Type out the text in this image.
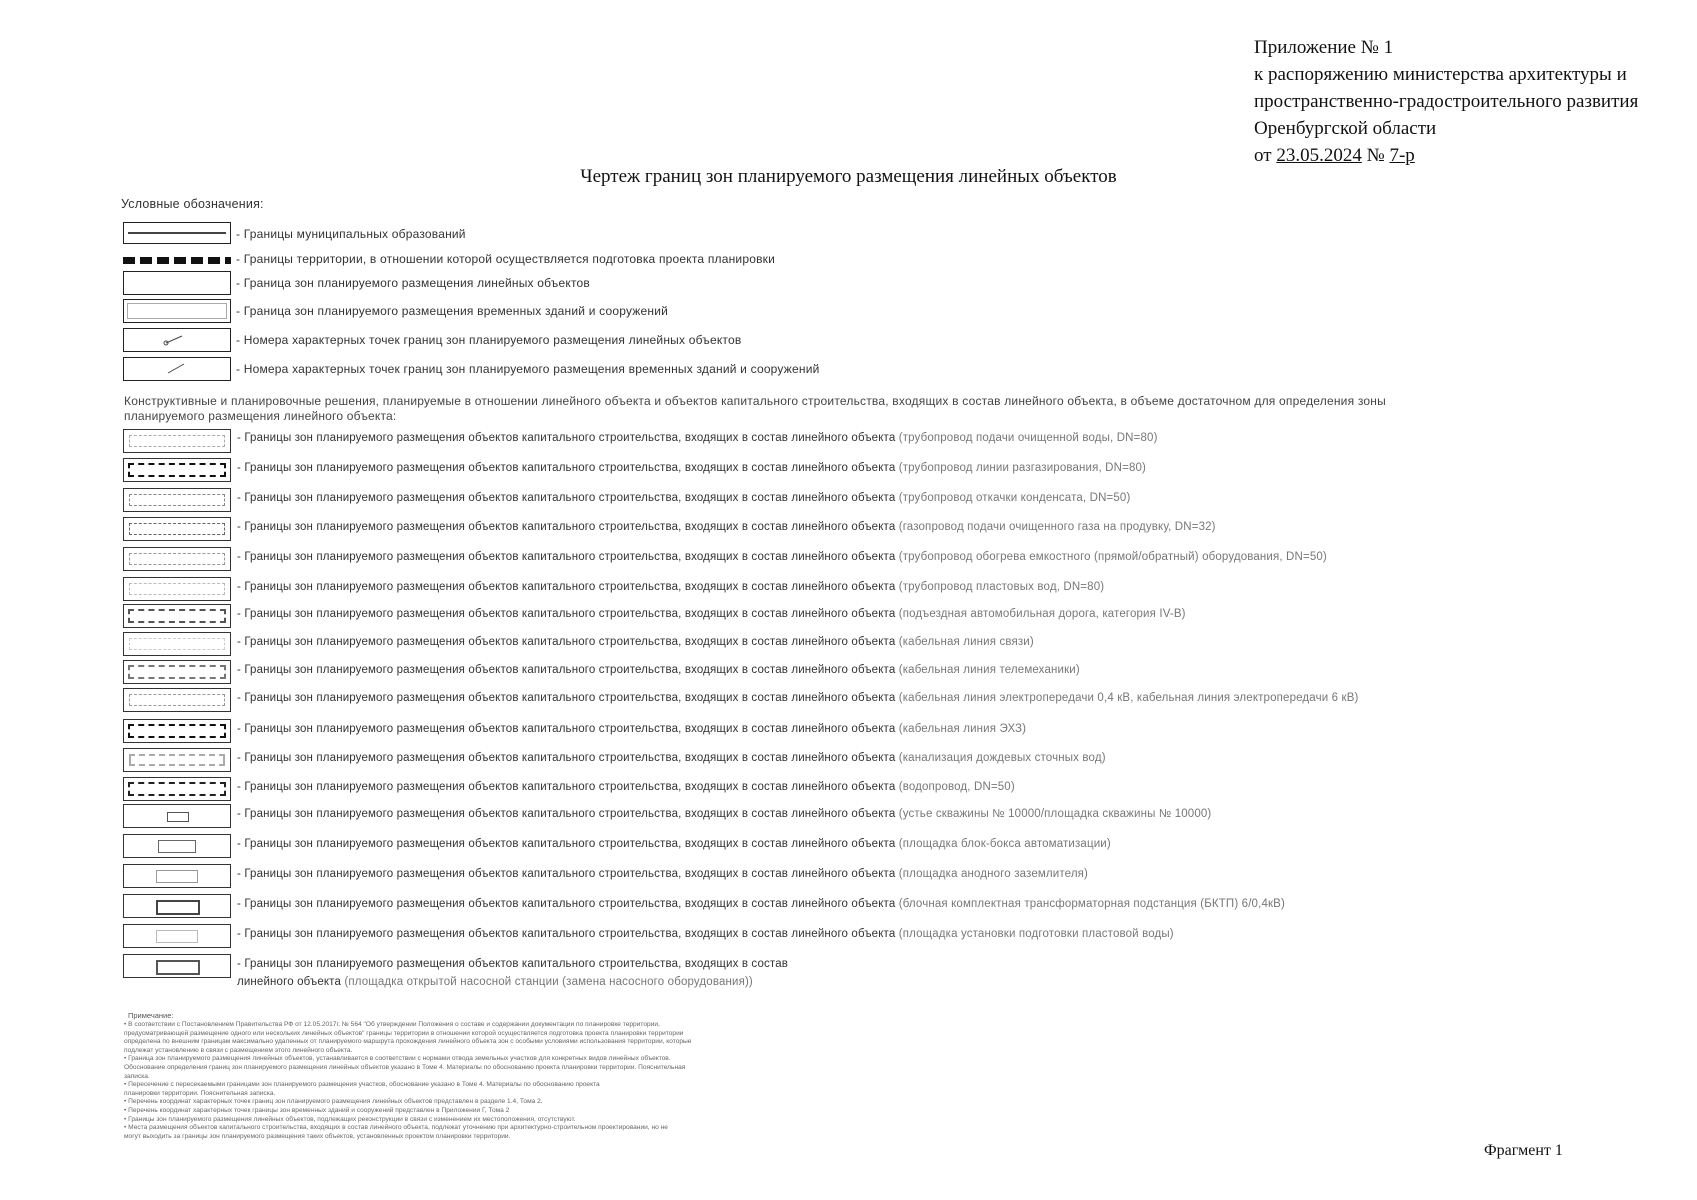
Приложение № 1
к распоряжению министерства архитектуры и
пространственно-градостроительного развития
Оренбургской области
от 23.05.2024 № 7-р
Чертеж границ зон планируемого размещения линейных объектов
Условные обозначения:
- Границы муниципальных образований
- Границы территории, в отношении которой осуществляется подготовка проекта планировки
- Граница зон планируемого размещения линейных объектов
- Граница зон планируемого размещения временных зданий и сооружений
- Номера характерных точек границ зон планируемого размещения линейных объектов
- Номера характерных точек границ зон планируемого размещения временных зданий и сооружений
Конструктивные и планировочные решения, планируемые в отношении линейного объекта и объектов капитального строительства, входящих в состав линейного объекта, в объеме достаточном для определения зоны планируемого размещения линейного объекта:
- Границы зон планируемого размещения объектов капитального строительства, входящих в состав линейного объекта (трубопровод подачи очищенной воды, DN=80)
- Границы зон планируемого размещения объектов капитального строительства, входящих в состав линейного объекта (трубопровод линии разгазирования, DN=80)
- Границы зон планируемого размещения объектов капитального строительства, входящих в состав линейного объекта (трубопровод откачки конденсата, DN=50)
- Границы зон планируемого размещения объектов капитального строительства, входящих в состав линейного объекта (газопровод подачи очищенного газа на продувку, DN=32)
- Границы зон планируемого размещения объектов капитального строительства, входящих в состав линейного объекта (трубопровод обогрева емкостного (прямой/обратный) оборудования, DN=50)
- Границы зон планируемого размещения объектов капитального строительства, входящих в состав линейного объекта (трубопровод пластовых вод, DN=80)
- Границы зон планируемого размещения объектов капитального строительства, входящих в состав линейного объекта (подъездная автомобильная дорога, категория IV-В)
- Границы зон планируемого размещения объектов капитального строительства, входящих в состав линейного объекта (кабельная линия связи)
- Границы зон планируемого размещения объектов капитального строительства, входящих в состав линейного объекта (кабельная линия телемеханики)
- Границы зон планируемого размещения объектов капитального строительства, входящих в состав линейного объекта (кабельная линия электропередачи 0,4 кВ, кабельная линия электропередачи 6 кВ)
- Границы зон планируемого размещения объектов капитального строительства, входящих в состав линейного объекта (кабельная линия ЭХЗ)
- Границы зон планируемого размещения объектов капитального строительства, входящих в состав линейного объекта (канализация дождевых сточных вод)
- Границы зон планируемого размещения объектов капитального строительства, входящих в состав линейного объекта (водопровод, DN=50)
- Границы зон планируемого размещения объектов капитального строительства, входящих в состав линейного объекта (устье скважины № 10000/площадка скважины № 10000)
- Границы зон планируемого размещения объектов капитального строительства, входящих в состав линейного объекта (площадка блок-бокса автоматизации)
- Границы зон планируемого размещения объектов капитального строительства, входящих в состав линейного объекта (площадка анодного заземлителя)
- Границы зон планируемого размещения объектов капитального строительства, входящих в состав линейного объекта (блочная комплектная трансформаторная подстанция (БКТП) 6/0,4кВ)
- Границы зон планируемого размещения объектов капитального строительства, входящих в состав линейного объекта (площадка установки подготовки пластовой воды)
- Границы зон планируемого размещения объектов капитального строительства, входящих в состав
линейного объекта (площадка открытой насосной станции (замена насосного оборудования))
Примечание:
• В соответствии с Постановлением Правительства РФ от 12.05.2017г. № 564 "Об утверждении Положения о составе и содержании документации по планировке территории,
предусматривающей размещение одного или нескольких линейных объектов" границы территории в отношении которой осуществляется подготовка проекта планировки территории
определена по внешним границам максимально удаленных от планируемого маршрута прохождения линейного объекта зон с особыми условиями использования территории, которые
подлежат установлению в связи с размещением этого линейного объекта.
• Граница зон планируемого размещения линейных объектов, устанавливается в соответствии с нормами отвода земельных участков для конкретных видов линейных объектов.
Обоснование определения границ зон планируемого размещения линейных объектов указано в Томе 4. Материалы по обоснованию проекта планировки территории. Пояснительная
записка.
• Пересечение с пересекаемыми границами зон планируемого размещения участков, обоснование указано в Томе 4. Материалы по обоснованию проекта
планировки территории. Пояснительная записка.
• Перечень координат характерных точек границ зон планируемого размещения линейных объектов представлен в разделе 1.4, Тома 2.
• Перечень координат характерных точек границы зон временных зданий и сооружений представлен в Приложении Г, Тома 2
• Границы зон планируемого размещения линейных объектов, подлежащих реконструкции в связи с изменением их местоположения, отсутствуют.
• Места размещения объектов капитального строительства, входящих в состав линейного объекта, подлежат уточнению при архитектурно-строительном проектировании, но не
могут выходить за границы зон планируемого размещения таких объектов, установленных проектом планировки территории.
Фрагмент 1
